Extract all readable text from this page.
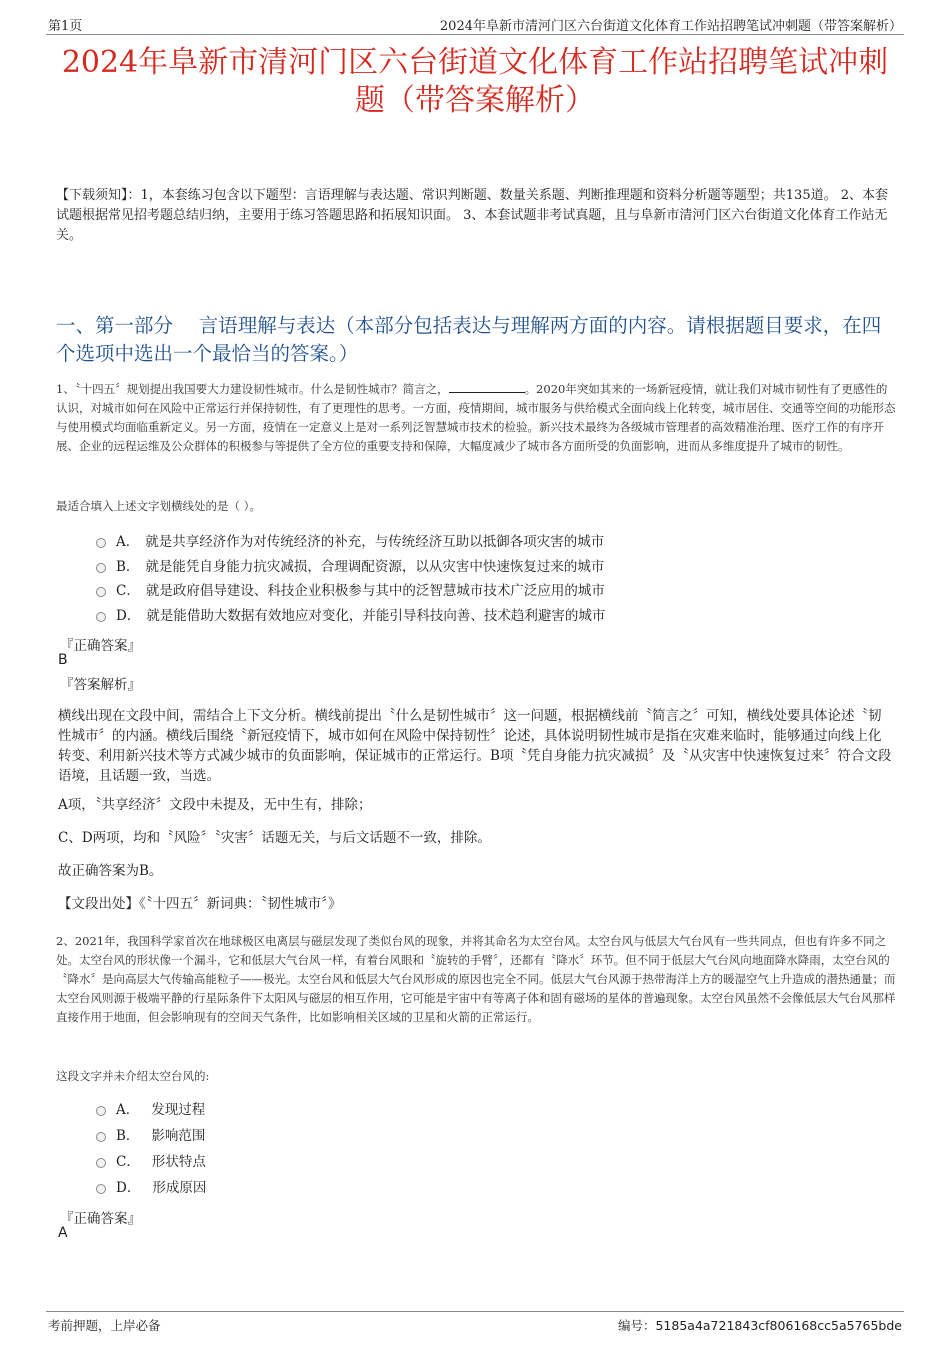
第1页	2024年阜新市清河门区六台街道文化体育工作站招聘笔试冲刺题（带答案解析）
2024年阜新市清河门区六台街道文化体育工作站招聘笔试冲刺
题（带答案解析）
【下载须知】：1，本套练习包含以下题型：言语理解与表达题、常识判断题、数量关系题、判断推理题和资料分析题等题型；共135道。 2、本套试题根据常见招考题总结归纳，主要用于练习答题思路和拓展知识面。 3、本套试题非考试真题，且与阜新市清河门区六台街道文化体育工作站无关。
一、第一部分　 言语理解与表达（本部分包括表达与理解两方面的内容。请根据题目要求，在四个选项中选出一个最恰当的答案。）
1、〝十四五〞规划提出我国要大力建设韧性城市。什么是韧性城市？简言之，	。2020年突如其来的一场新冠疫情，就让我们对城市韧性有了更感性的认识，对城市如何在风险中正常运行并保持韧性，有了更理性的思考。一方面，疫情期间，城市服务与供给模式全面向线上化转变，城市居住、交通等空间的功能形态与使用模式均面临重新定义。另一方面，疫情在一定意义上是对一系列泛智慧城市技术的检验。新兴技术最终为各级城市管理者的高效精准治理、医疗工作的有序开展、企业的远程运维及公众群体的积极参与等提供了全方位的重要支持和保障，大幅度减少了城市各方面所受的负面影响，进而从多维度提升了城市的韧性。
最适合填入上述文字划横线处的是（ ）。
A． 就是共享经济作为对传统经济的补充，与传统经济互助以抵御各项灾害的城市
B． 就是能凭自身能力抗灾减损，合理调配资源，以从灾害中快速恢复过来的城市
C． 就是政府倡导建设、科技企业积极参与其中的泛智慧城市技术广泛应用的城市
D． 就是能借助大数据有效地应对变化，并能引导科技向善、技术趋利避害的城市
『正确答案』
B
『答案解析』
横线出现在文段中间，需结合上下文分析。横线前提出〝什么是韧性城市〞这一问题，根据横线前〝简言之〞可知，横线处要具体论述〝韧性城市〞的内涵。横线后围绕〝新冠疫情下，城市如何在风险中保持韧性〞论述，具体说明韧性城市是指在灾难来临时，能够通过向线上化转变、利用新兴技术等方式减少城市的负面影响，保证城市的正常运行。B项〝凭自身能力抗灾减损〞及〝从灾害中快速恢复过来〞符合文段语境，且话题一致，当选。
A项，〝共享经济〞文段中未提及，无中生有，排除；
C、D两项，均和〝风险〞〝灾害〞话题无关，与后文话题不一致，排除。
故正确答案为B。
【文段出处】《〝十四五〞新词典：〝韧性城市〞》
2、2021年，我国科学家首次在地球极区电离层与磁层发现了类似台风的现象，并将其命名为太空台风。太空台风与低层大气台风有一些共同点，但也有许多不同之处。太空台风的形状像一个漏斗，它和低层大气台风一样，有着台风眼和〝旋转的手臂〞，还都有〝降水〞环节。但不同于低层大气台风向地面降水降雨，太空台风的〝降水〞是向高层大气传输高能粒子——极光。太空台风和低层大气台风形成的原因也完全不同。低层大气台风源于热带海洋上方的暖湿空气上升造成的潜热通量；而太空台风则源于极端平静的行星际条件下太阳风与磁层的相互作用，它可能是宇宙中有等离子体和固有磁场的星体的普遍现象。太空台风虽然不会像低层大气台风那样直接作用于地面，但会影响现有的空间天气条件，比如影响相关区域的卫星和火箭的正常运行。
这段文字并未介绍太空台风的:
A． 发现过程
B． 影响范围
C． 形状特点
D． 形成原因
『正确答案』
A
考前押题，上岸必备	编号：5185a4a721843cf806168cc5a5765bde
